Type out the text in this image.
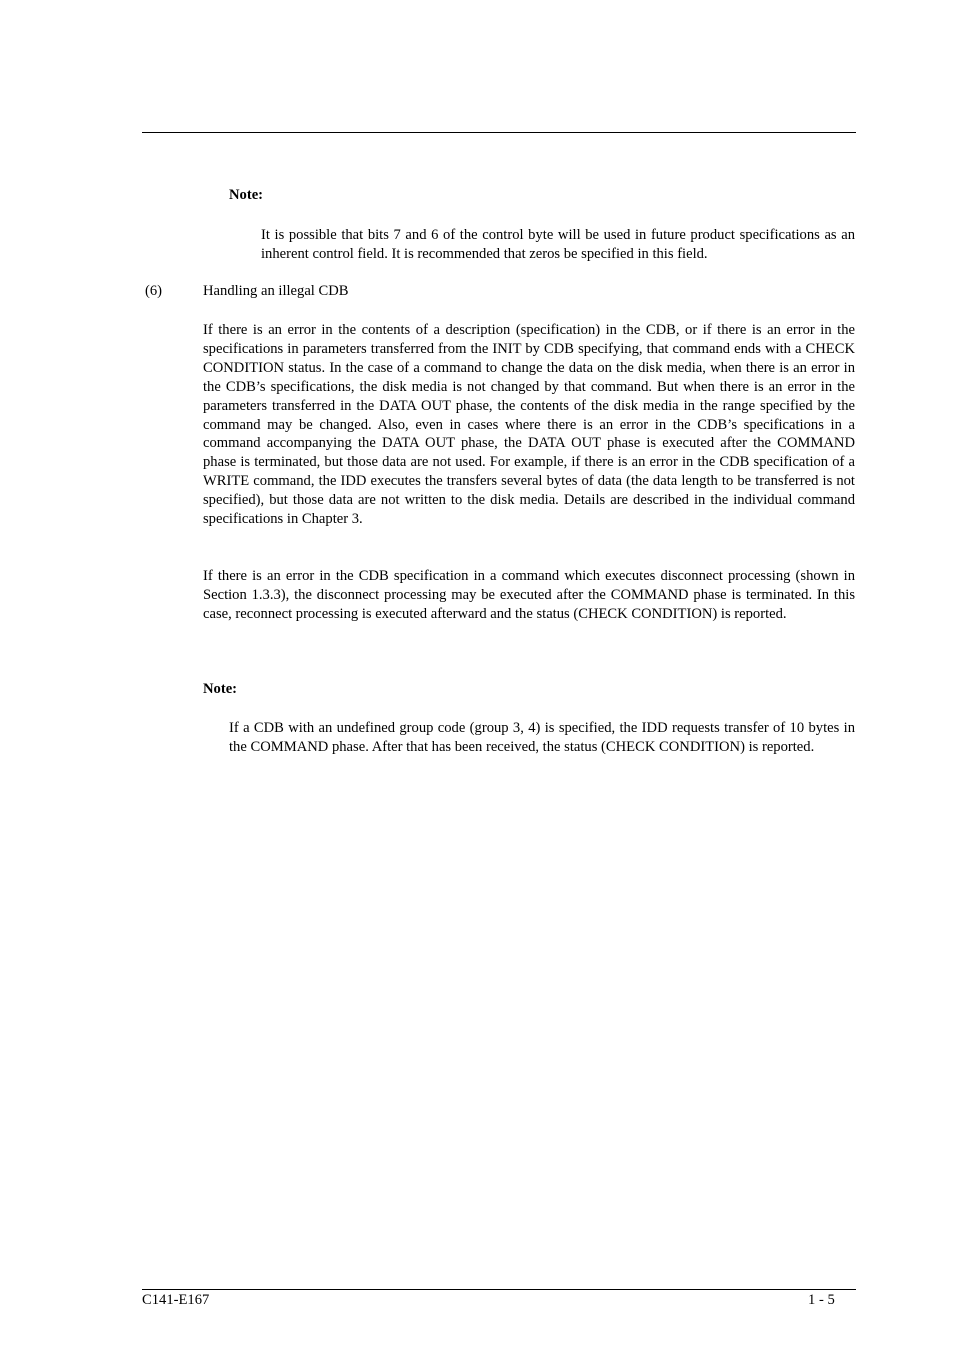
Note:
It is possible that bits 7 and 6 of the control byte will be used in future product specifications as an inherent control field. It is recommended that zeros be specified in this field.
(6)	Handling an illegal CDB
If there is an error in the contents of a description (specification) in the CDB, or if there is an error in the specifications in parameters transferred from the INIT by CDB specifying, that command ends with a CHECK CONDITION status. In the case of a command to change the data on the disk media, when there is an error in the CDB’s specifications, the disk media is not changed by that command. But when there is an error in the parameters transferred in the DATA OUT phase, the contents of the disk media in the range specified by the command may be changed. Also, even in cases where there is an error in the CDB’s specifications in a command accompanying the DATA OUT phase, the DATA OUT phase is executed after the COMMAND phase is terminated, but those data are not used. For example, if there is an error in the CDB specification of a WRITE command, the IDD executes the transfers several bytes of data (the data length to be transferred is not specified), but those data are not written to the disk media. Details are described in the individual command specifications in Chapter 3.
If there is an error in the CDB specification in a command which executes disconnect processing (shown in Section 1.3.3), the disconnect processing may be executed after the COMMAND phase is terminated. In this case, reconnect processing is executed afterward and the status (CHECK CONDITION) is reported.
Note:
If a CDB with an undefined group code (group 3, 4) is specified, the IDD requests transfer of 10 bytes in the COMMAND phase. After that has been received, the status (CHECK CONDITION) is reported.
C141-E167	1 - 5
